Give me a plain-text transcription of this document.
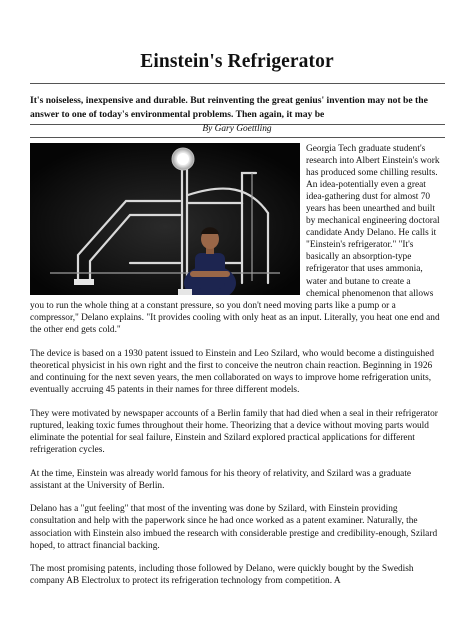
Einstein's Refrigerator
It's noiseless, inexpensive and durable. But reinventing the great genius' invention may not be the answer to one of today's environmental problems. Then again, it may be
By Gary Goettling

Georgia Tech graduate student's research into Albert Einstein's work has produced some chilling results. An idea-potentially even a great idea-gathering dust for almost 70 years has been unearthed and built by mechanical engineering doctoral candidate Andy Delano. He calls it "Einstein's refrigerator." "It's basically an absorption-type refrigerator that uses ammonia, water and butane to create a chemical phenomenon that allows you to run the whole thing at a constant pressure, so you don't need moving parts like a pump or a compressor," Delano explains. "It provides cooling with only heat as an input. Literally, you heat one end and the other end gets cold."

The device is based on a 1930 patent issued to Einstein and Leo Szilard, who would become a distinguished theoretical physicist in his own right and the first to conceive the neutron chain reaction. Beginning in 1926 and continuing for the next seven years, the men collaborated on ways to improve home refrigeration units, eventually accruing 45 patents in their names for three different models.

They were motivated by newspaper accounts of a Berlin family that had died when a seal in their refrigerator ruptured, leaking toxic fumes throughout their home. Theorizing that a device without moving parts would eliminate the potential for seal failure, Einstein and Szilard explored practical applications for different refrigeration cycles.

At the time, Einstein was already world famous for his theory of relativity, and Szilard was a graduate assistant at the University of Berlin.

Delano has a "gut feeling" that most of the inventing was done by Szilard, with Einstein providing consultation and help with the paperwork since he had once worked as a patent examiner. Naturally, the association with Einstein also imbued the research with considerable prestige and credibility-enough, Szilard hoped, to attract financial backing.

The most promising patents, including those followed by Delano, were quickly bought by the Swedish company AB Electrolux to protect its refrigeration technology from competition. A
